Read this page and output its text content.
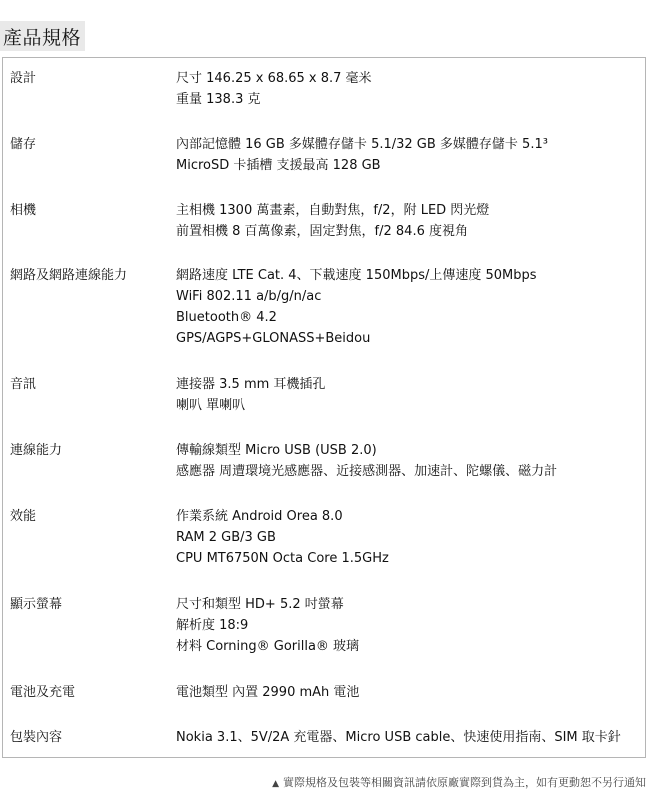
產品規格
設計	尺寸 146.25 x 68.65 x 8.7 毫米
重量 138.3 克
儲存	內部記憶體 16 GB 多媒體存儲卡 5.1/32 GB 多媒體存儲卡 5.1³
MicroSD 卡插槽 支援最高 128 GB
相機	主相機 1300 萬畫素，自動對焦，f/2，附 LED 閃光燈
前置相機 8 百萬像素，固定對焦，f/2 84.6 度視角
網路及網路連線能力	網路速度 LTE Cat. 4、下載速度 150Mbps/上傳速度 50Mbps
WiFi 802.11 a/b/g/n/ac
Bluetooth® 4.2
GPS/AGPS+GLONASS+Beidou
音訊	連接器 3.5 mm 耳機插孔
喇叭 單喇叭
連線能力	傳輸線類型 Micro USB (USB 2.0)
感應器 周遭環境光感應器、近接感測器、加速計、陀螺儀、磁力計
效能	作業系統 Android Orea 8.0
RAM 2 GB/3 GB
CPU MT6750N Octa Core 1.5GHz
顯示螢幕	尺寸和類型 HD+ 5.2 吋螢幕
解析度 18:9
材料 Corning® Gorilla® 玻璃
電池及充電	電池類型 內置 2990 mAh 電池
包裝內容	Nokia 3.1、5V/2A 充電器、Micro USB cable、快速使用指南、SIM 取卡針
▲ 實際規格及包裝等相關資訊請依原廠實際到貨為主，如有更動恕不另行通知
